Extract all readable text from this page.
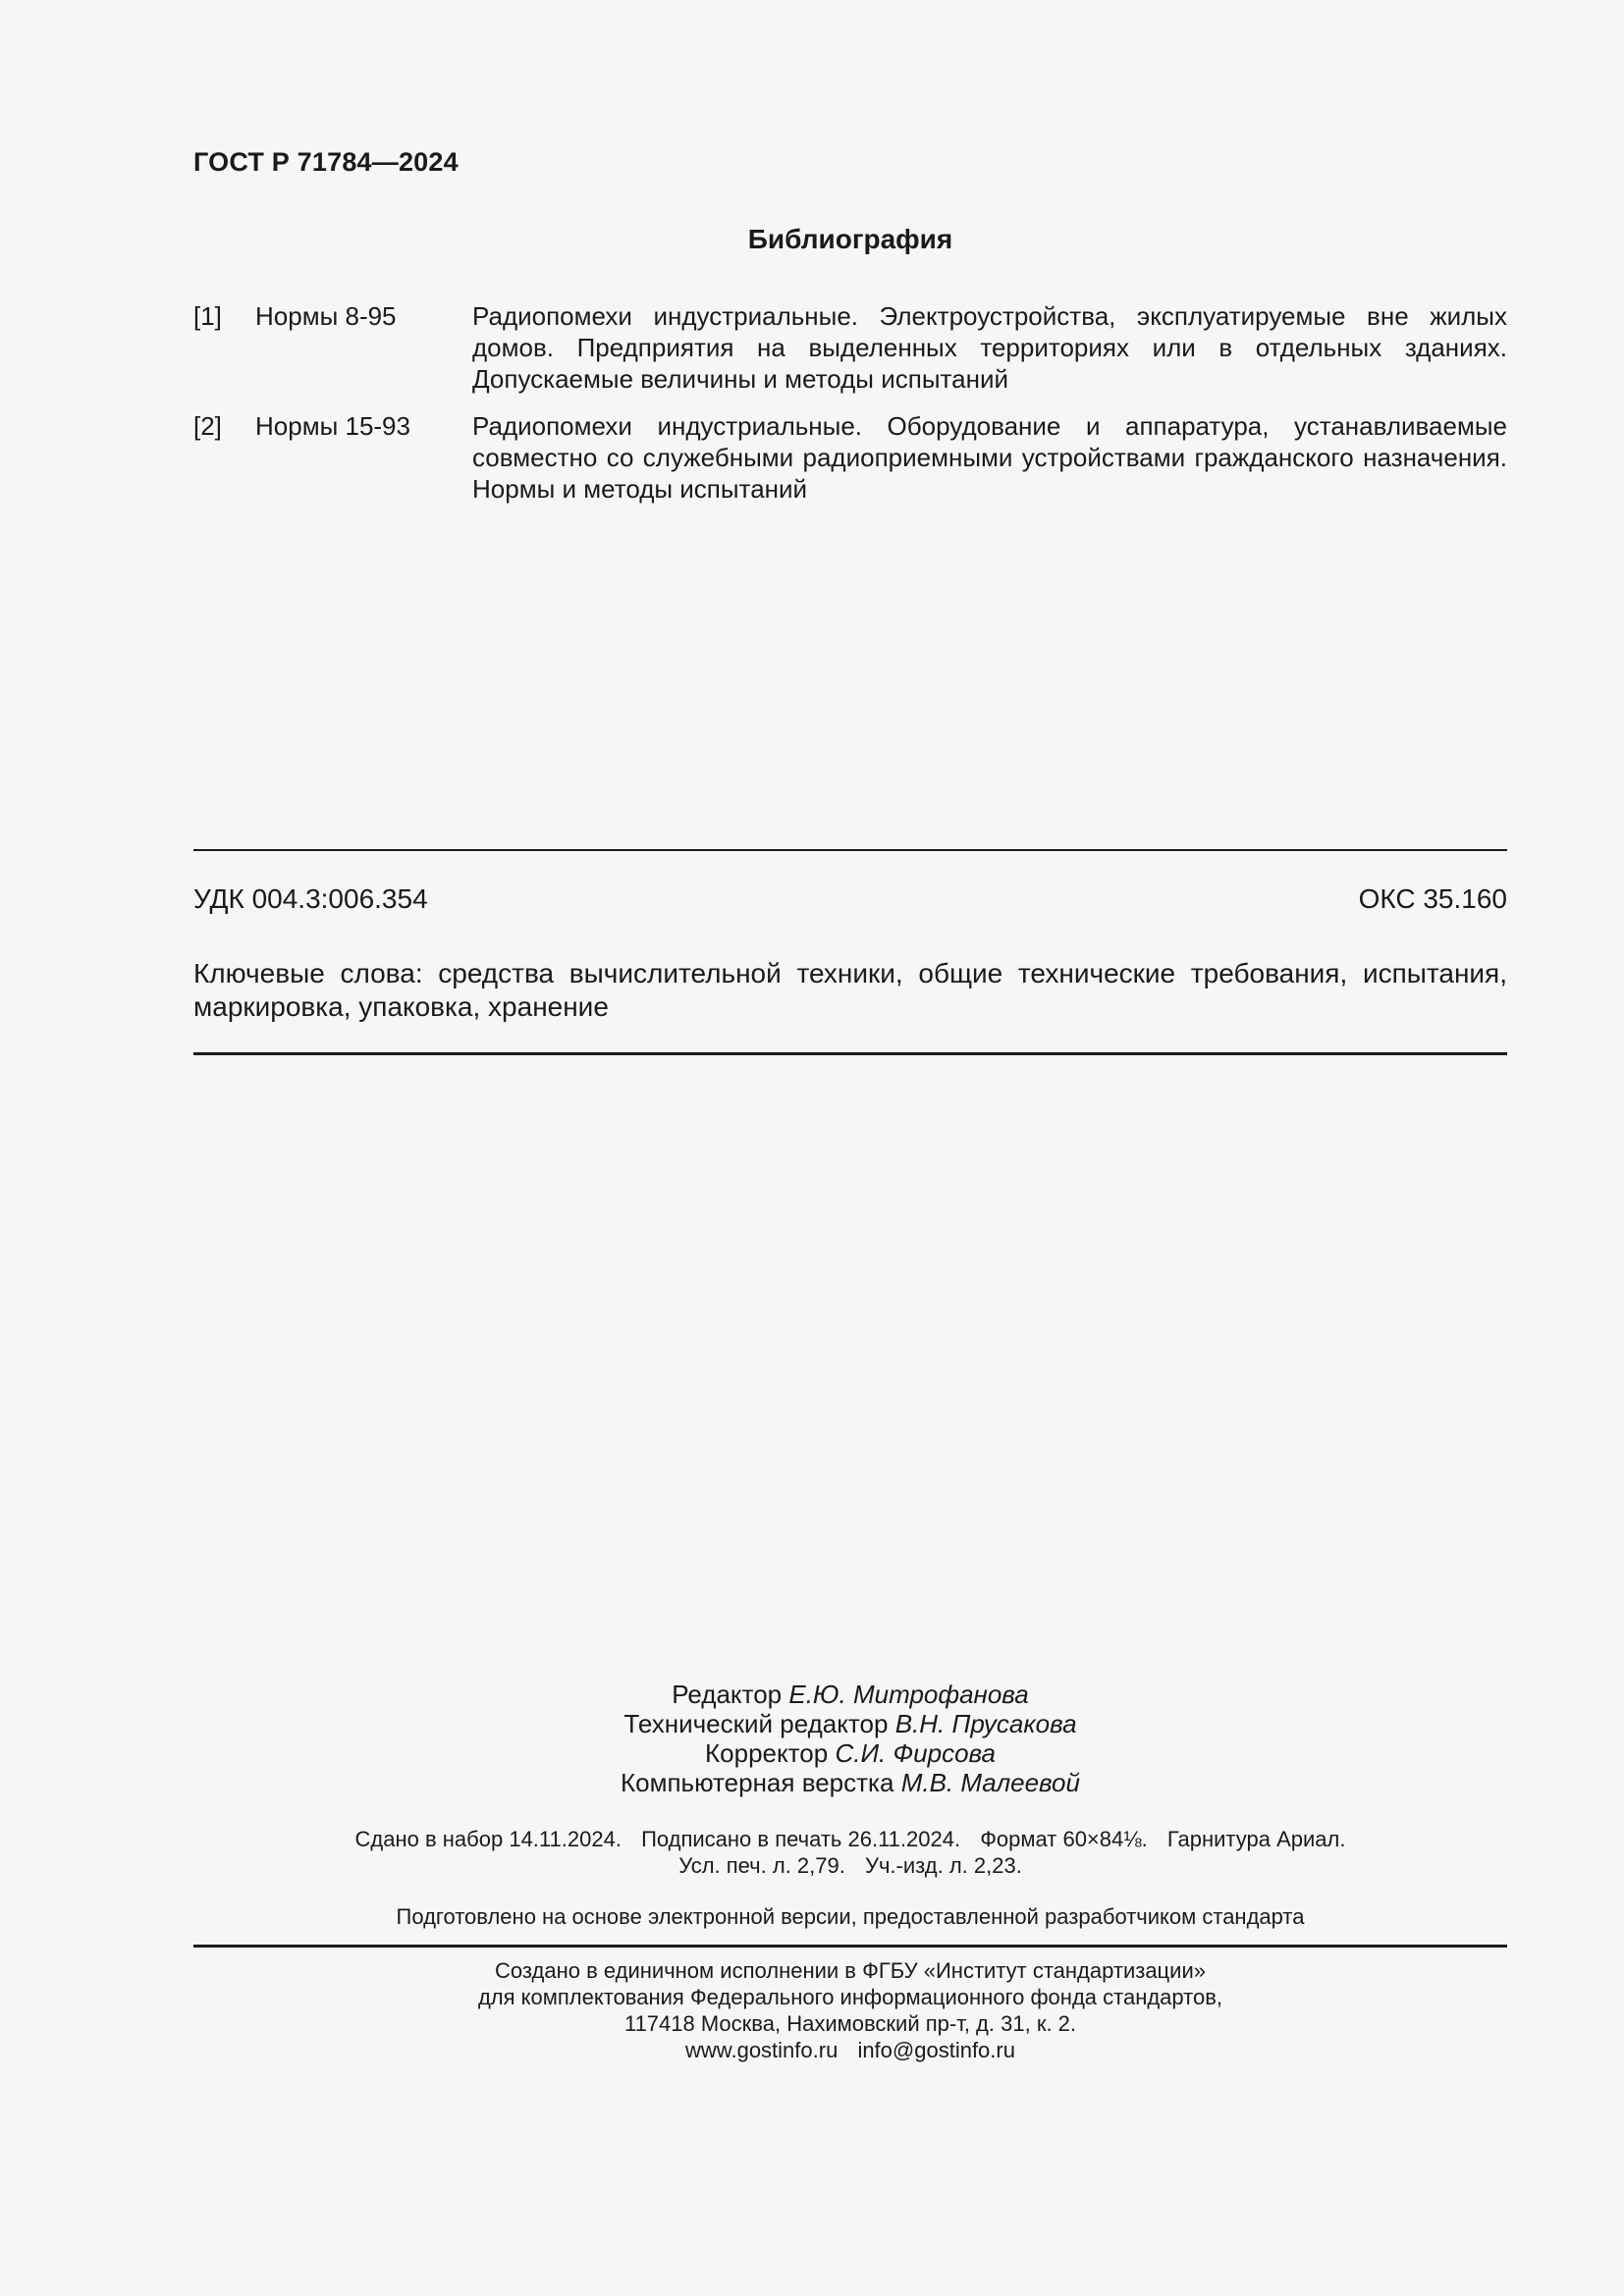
ГОСТ Р 71784—2024
Библиография
[1] Нормы 8-95	Радиопомехи индустриальные. Электроустройства, эксплуатируемые вне жилых домов. Предприятия на выделенных территориях или в отдельных зданиях. Допускаемые величины и методы испытаний
[2] Нормы 15-93 Радиопомехи индустриальные. Оборудование и аппаратура, устанавливаемые совместно со служебными радиоприемными устройствами гражданского назначения. Нормы и методы испытаний
УДК 004.3:006.354	ОКС 35.160
Ключевые слова: средства вычислительной техники, общие технические требования, испытания, маркировка, упаковка, хранение
Редактор Е.Ю. Митрофанова
Технический редактор В.Н. Прусакова
Корректор С.И. Фирсова
Компьютерная верстка М.В. Малеевой
Сдано в набор 14.11.2024. Подписано в печать 26.11.2024. Формат 60×84⅛. Гарнитура Ариал.
Усл. печ. л. 2,79. Уч.-изд. л. 2,23.
Подготовлено на основе электронной версии, предоставленной разработчиком стандарта
Создано в единичном исполнении в ФГБУ «Институт стандартизации»
для комплектования Федерального информационного фонда стандартов,
117418 Москва, Нахимовский пр-т, д. 31, к. 2.
www.gostinfo.ru info@gostinfo.ru
